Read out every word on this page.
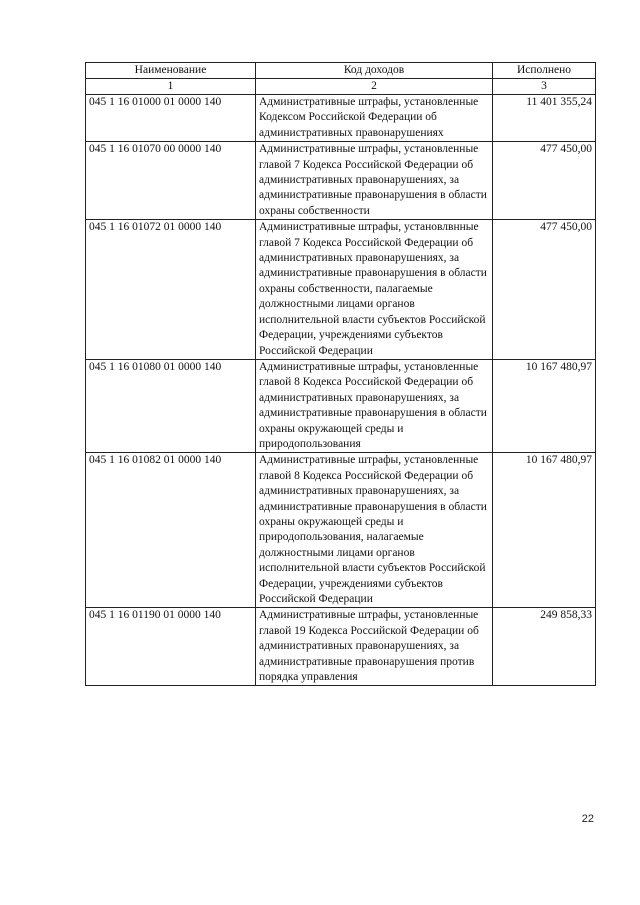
Наименование	Код доходов	Исполнено
1	2	3
045 1 16 01000 01 0000 140	Административные штрафы, установленные Кодексом Российской Федерации об административных правонарушениях	11 401 355,24
045 1 16 01070 00 0000 140	Административные штрафы, установленные главой 7 Кодекса Российской Федерации об административных правонарушениях, за административные правонарушения в области охраны собственности	477 450,00
045 1 16 01072 01 0000 140	Административные штрафы, установлвнные главой 7 Кодекса Российской Федерации об административных правонарушениях, за административные правонарушения в области охраны собственности, палагаемые должностными лицами органов исполнительной власти субъектов Российской Федерации, учреждениями субъектов Российской Федерации	477 450,00
045 1 16 01080 01 0000 140	Административные штрафы, установленные главой 8 Кодекса Российской Федерации об административных правонарушениях, за административные правонарушения в области охраны окружающей среды и природопользования	10 167 480,97
045 1 16 01082 01 0000 140	Административные штрафы, установленные главой 8 Кодекса Российской Федерации об административных правонарушениях, за административные правонарушения в области охраны окружающей среды и природопользования, налагаемые должностными лицами органов исполнительной власти субъектов Российской Федерации, учреждениями субъектов Российской Федерации	10 167 480,97
045 1 16 01190 01 0000 140	Административные штрафы, установленные главой 19 Кодекса Российской Федерации об административных правонарушениях, за административные правонарушения против порядка управления	249 858,33
22
